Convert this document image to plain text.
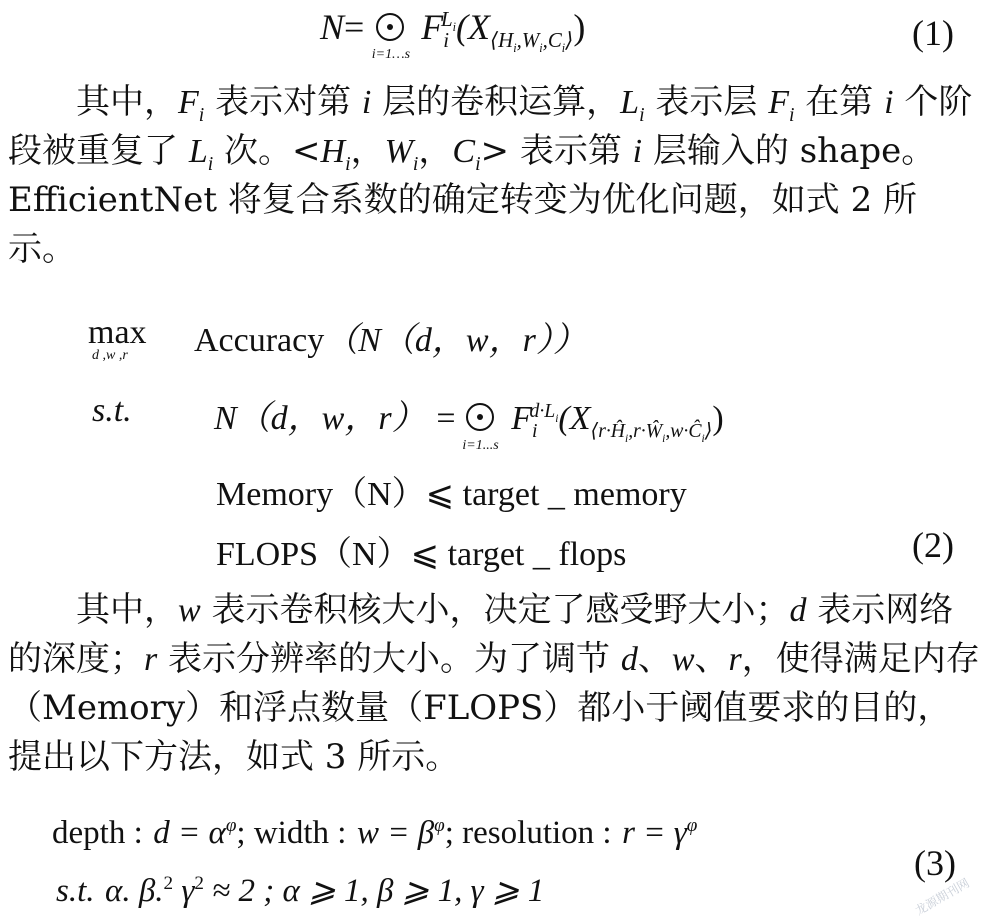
N=
i=1…s
$F_i^{L_i}(X_{⟨H_i,W_i,C_i⟩})$	(1)
其中，$F_i$ 表示对第 i 层的卷积运算，$L_i$ 表示层 $F_i$ 在第 i 个阶段被重复了 $L_i$ 次。$<H_i$，$W_i$，$C_i>$ 表示第 i 层输入的 shape。EfficientNet 将复合系数的确定转变为优化问题，如式 2 所示。
max
d ,w ,r Accuracy（N（d，w，r））
s.t. N（d，w，r） =
i=1...s
$F_i^{d\cdot L_i}(X_{⟨r\cdot Ĥ_i,r\cdot Ŵ_i,w\cdot Ĉ_i⟩})$
Memory（N）⩽ target _ memory
FLOPS（N）⩽ target _ flops	(2)
其中，w 表示卷积核大小，决定了感受野大小；d 表示网络的深度；r 表示分辨率的大小。为了调节 d、w、r，使得满足内存（Memory）和浮点数量（FLOPS）都小于阈值要求的目的，提出以下方法，如式 3 所示。
depth : $d = \alpha^\varphi$; width : $w = \beta^\varphi$; resolution : $r = \gamma^\varphi$
s.t. α. β.$^2$ $\gamma^2 \approx 2$ ; α ⩾ 1, β ⩾ 1, γ ⩾ 1
(3)
龙源期刊网
